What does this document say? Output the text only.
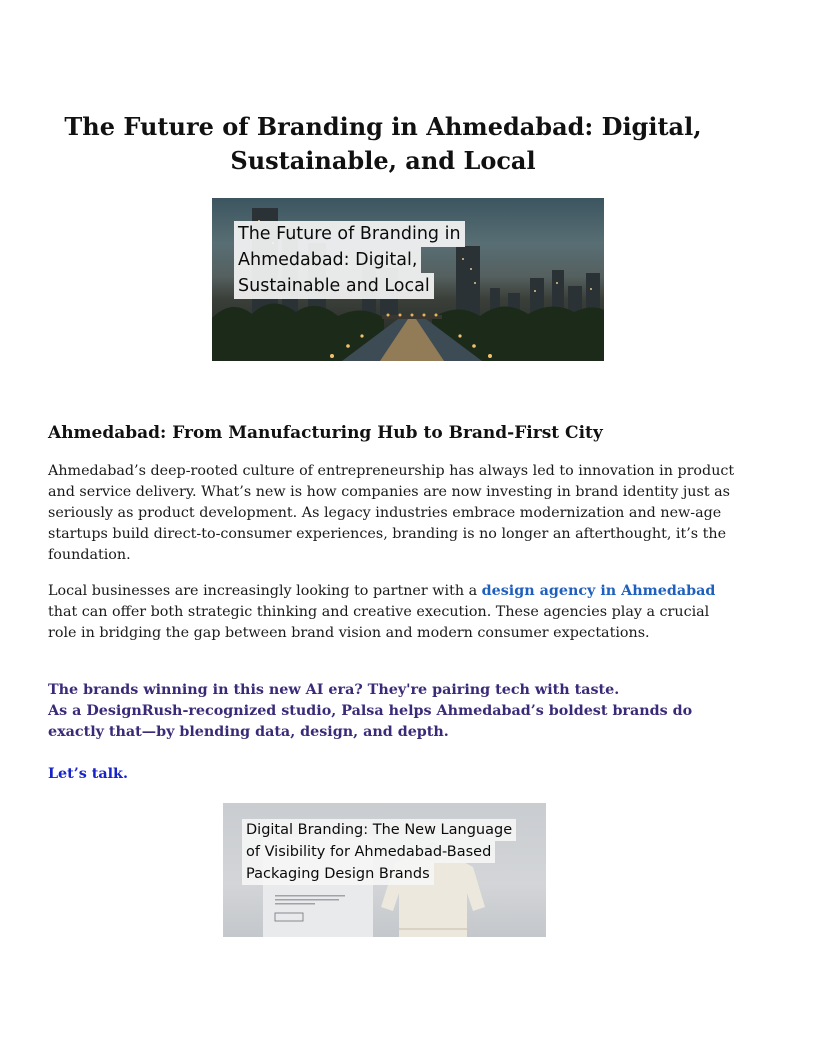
The Future of Branding in Ahmedabad: Digital, Sustainable, and Local

The Future of Branding in
Ahmedabad: Digital,
Sustainable and Local

Ahmedabad: From Manufacturing Hub to Brand-First City

Ahmedabad’s deep-rooted culture of entrepreneurship has always led to innovation in product and service delivery. What’s new is how companies are now investing in brand identity just as seriously as product development. As legacy industries embrace modernization and new-age startups build direct-to-consumer experiences, branding is no longer an afterthought, it’s the foundation.

Local businesses are increasingly looking to partner with a design agency in Ahmedabad that can offer both strategic thinking and creative execution. These agencies play a crucial role in bridging the gap between brand vision and modern consumer expectations.

The brands winning in this new AI era? They're pairing tech with taste.
As a DesignRush-recognized studio, Palsa helps Ahmedabad’s boldest brands do
exactly that—by blending data, design, and depth.

Let’s talk.

Digital Branding: The New Language
of Visibility for Ahmedabad-Based
Packaging Design Brands
